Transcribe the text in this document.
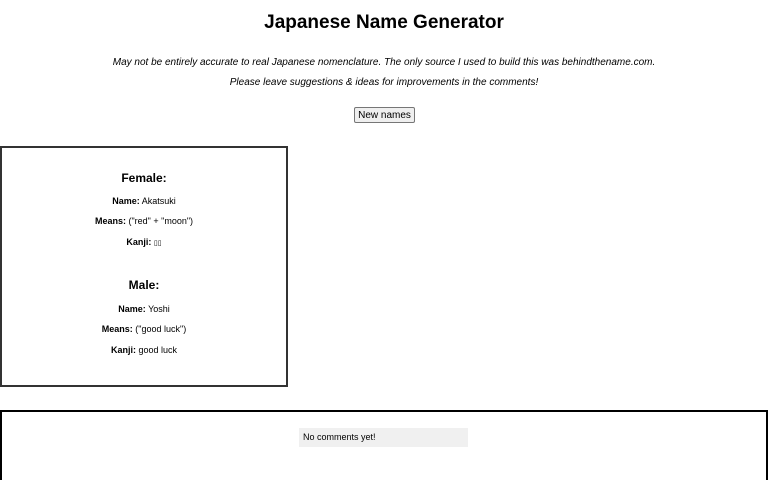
Japanese Name Generator

May not be entirely accurate to real Japanese nomenclature. The only source I used to build this was behindthename.com.

Please leave suggestions & ideas for improvements in the comments!

New names

Female:

Name: Akatsuki

Means: ("red" + "moon")

Kanji: ▯▯

Male:

Name: Yoshi

Means: ("good luck")

Kanji: good luck

No comments yet!
